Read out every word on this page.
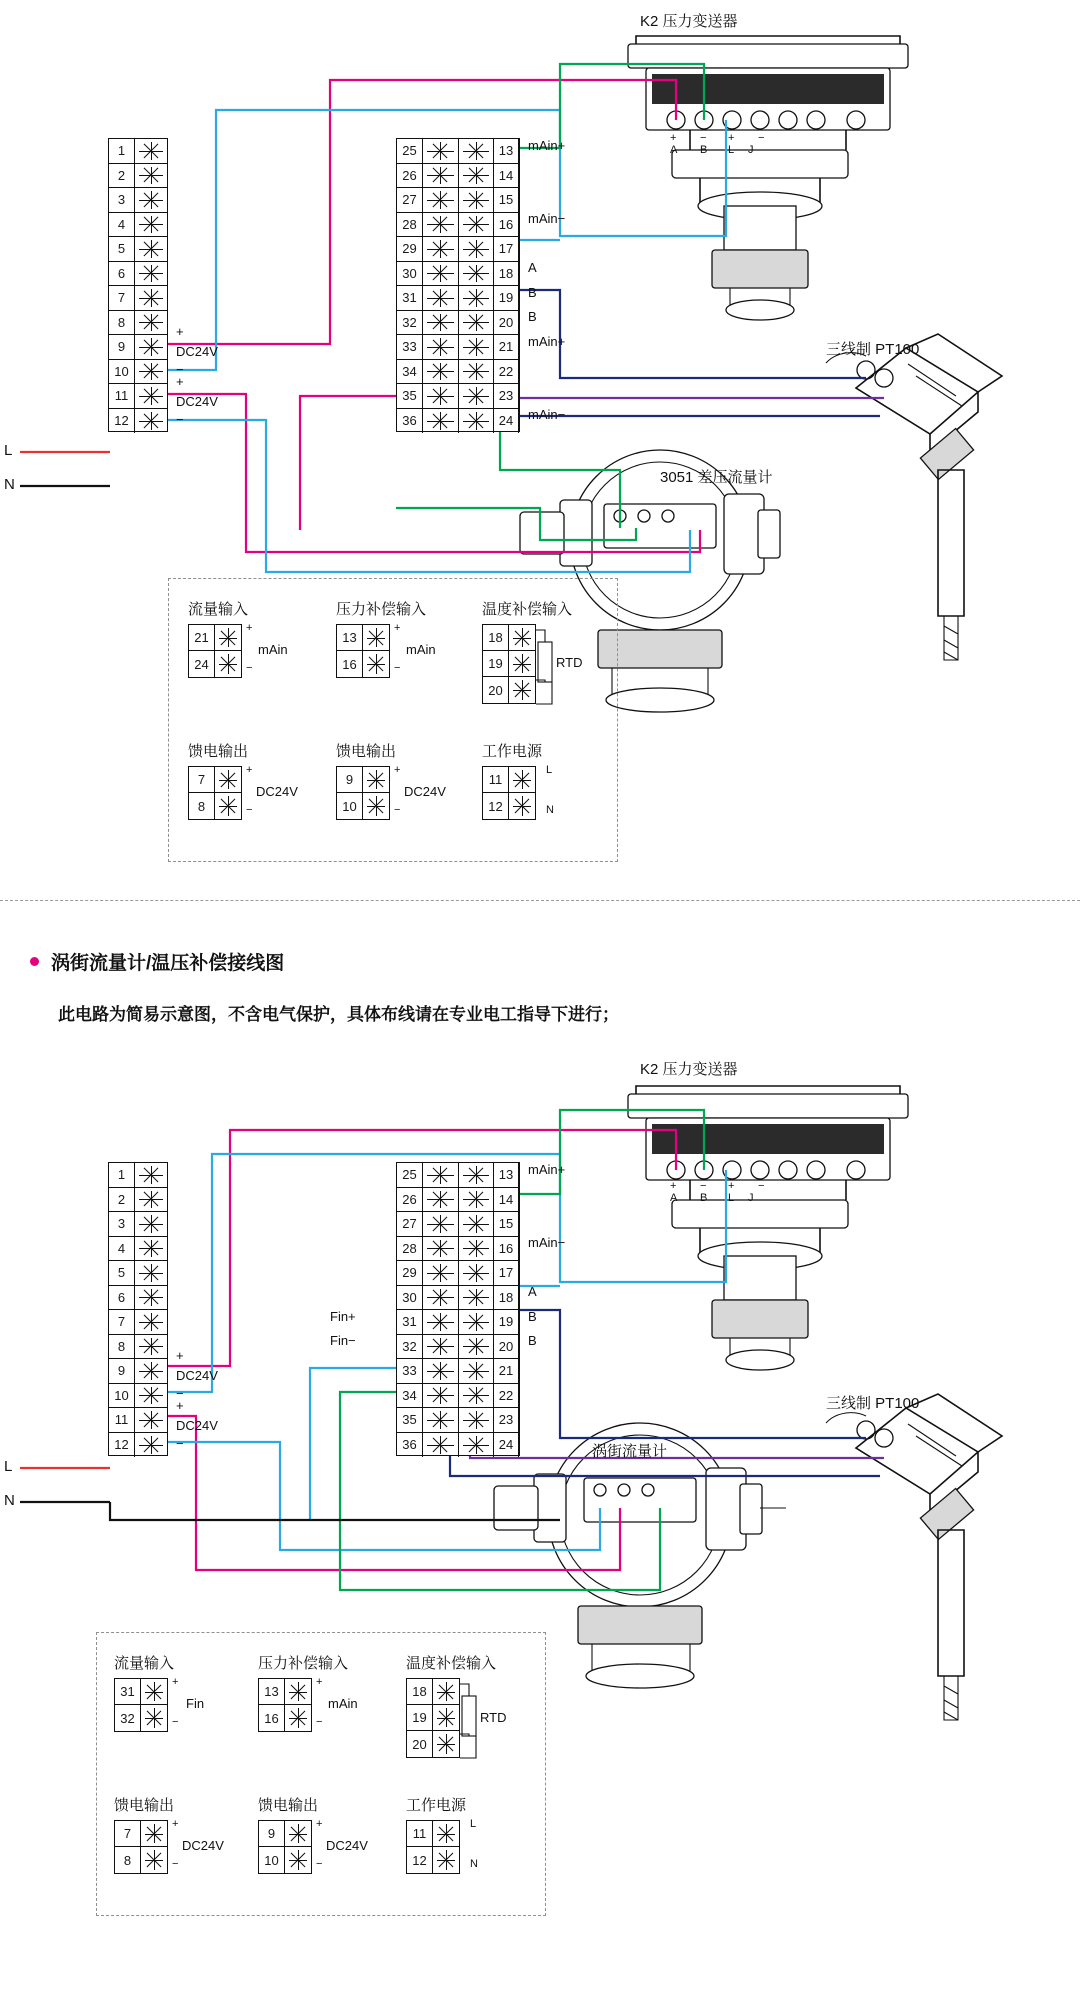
1
2
3
4
5
6
7
8
9
10
11
12
25	13
26	14
27	15
28	16
29	17
30	18
31	19
32	20
33	21
34	22
35	23
36	24
K2 压力变送器
三线制 PT100
3051 差压流量计
+
DC24V
−
+
DC24V
−
L
N
mAin+
mAin−
A
B
B
mAin+
mAin−
+ − + −
A B L J
流量输入	压力补偿输入	温度补偿输入
馈电输出	馈电输出	工作电源
21
24
+
−
mAin
13
16
+
−
mAin
18
19
20
RTD
7
8
+
−
DC24V
9
10
+
−
DC24V
11
12
L
N
涡街流量计/温压补偿接线图
此电路为简易示意图，不含电气保护，具体布线请在专业电工指导下进行；
1
2
3
4
5
6
7
8
9
10
11
12
25	13
26	14
27	15
28	16
29	17
30	18
31	19
32	20
33	21
34	22
35	23
36	24
K2 压力变送器
三线制 PT100
涡街流量计
+
DC24V
−
+
DC24V
−
L
N
mAin+
mAin−
A
B
B
Fin+
Fin−
+ − + −
A B L J
流量输入	压力补偿输入	温度补偿输入
馈电输出	馈电输出	工作电源
31
32
+
−
Fin
13
16
+
−
mAin
18
19
20
RTD
7
8
+
−
DC24V
9
10
+
−
DC24V
11
12
L
N
